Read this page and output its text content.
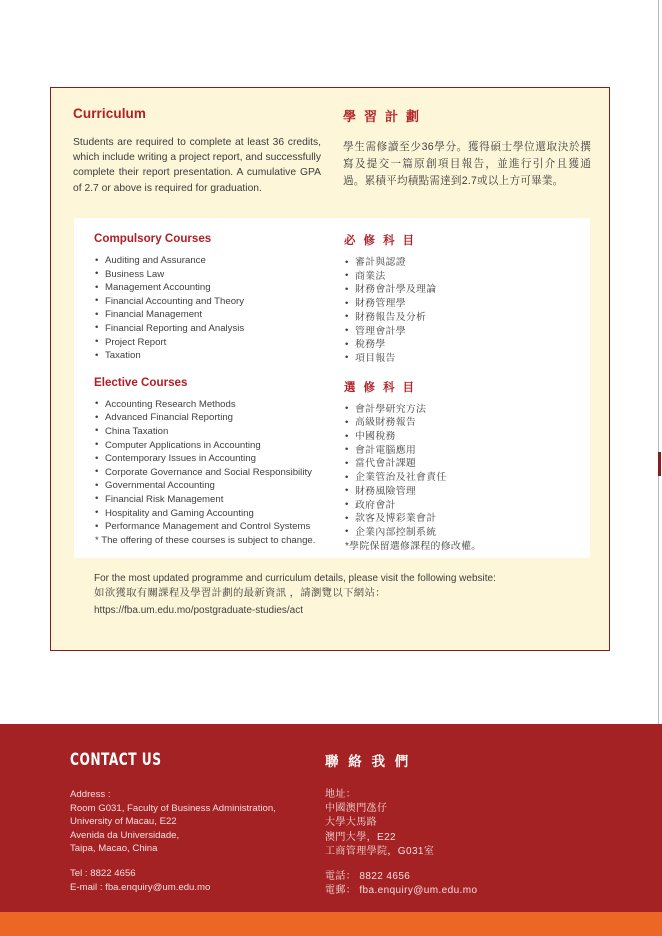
Curriculum
Students are required to complete at least 36 credits, which include writing a project report, and successfully complete their report presentation. A cumulative GPA of 2.7 or above is required for graduation.
學 習 計 劃
學生需修讀至少36學分。獲得碩士學位還取決於撰寫及提交一篇原創項目報告，並進行引介且獲通過。累積平均積點需達到2.7或以上方可畢業。
Compulsory Courses
• Auditing and Assurance
• Business Law
• Management Accounting
• Financial Accounting and Theory
• Financial Management
• Financial Reporting and Analysis
• Project Report
• Taxation
Elective Courses
• Accounting Research Methods
• Advanced Financial Reporting
• China Taxation
• Computer Applications in Accounting
• Contemporary Issues in Accounting
• Corporate Governance and Social Responsibility
• Governmental Accounting
• Financial Risk Management
• Hospitality and Gaming Accounting
• Performance Management and Control Systems
* The offering of these courses is subject to change.
必 修 科 目
• 審計與認證
• 商業法
• 財務會計學及理論
• 財務管理學
• 財務報告及分析
• 管理會計學
• 稅務學
• 項目報告
選 修 科 目
• 會計學研究方法
• 高級財務報告
• 中國稅務
• 會計電腦應用
• 當代會計課題
• 企業管治及社會責任
• 財務風險管理
• 政府會計
• 款客及博彩業會計
• 企業內部控制系統
*學院保留選修課程的修改權。
For the most updated programme and curriculum details, please visit the following website:
如欲獲取有關課程及學習計劃的最新資訊 ，請瀏覽以下網站：
https://fba.um.edu.mo/postgraduate-studies/act
CONTACT US
Address :
Room G031, Faculty of Business Administration,
University of Macau, E22
Avenida da Universidade,
Taipa, Macao, China
Tel : 8822 4656
E-mail : fba.enquiry@um.edu.mo
聯 絡 我 們
地址：
中國澳門氹仔
大學大馬路
澳門大學，E22
工商管理學院，G031室
電話： 8822 4656
電郵： fba.enquiry@um.edu.mo
